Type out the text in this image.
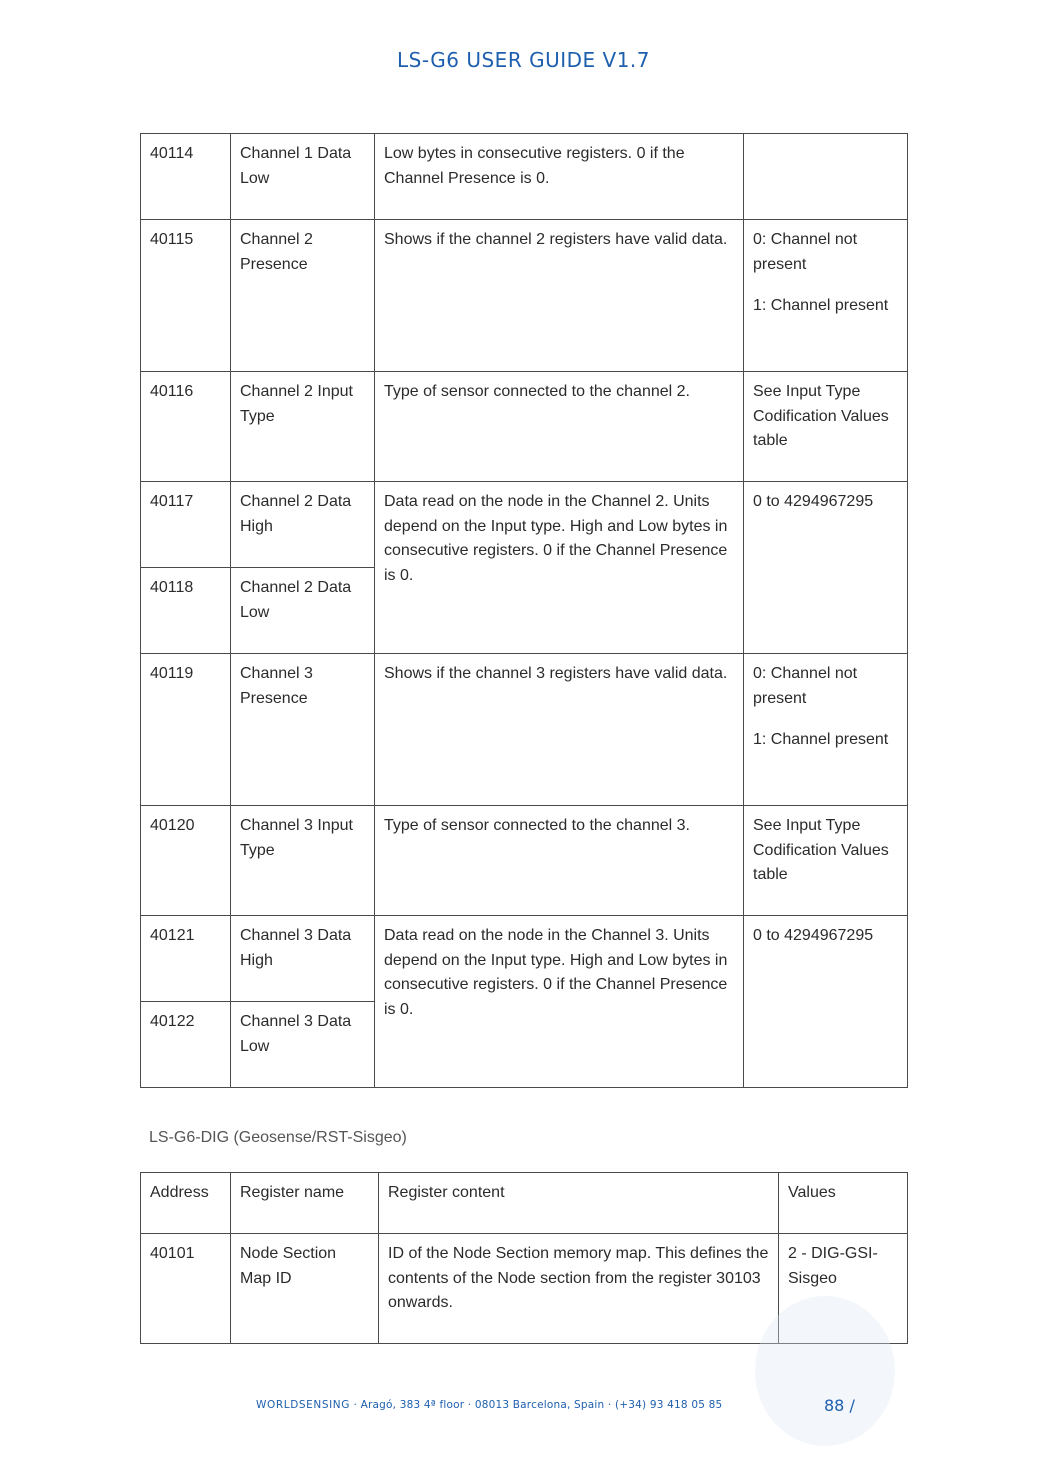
LS-G6 USER GUIDE V1.7
40114	Channel 1 Data Low	Low bytes in consecutive registers. 0 if the Channel Presence is 0.	

40115	Channel 2 Presence	Shows if the channel 2 registers have valid data.	0: Channel not present
1: Channel present

40116	Channel 2 Input Type	Type of sensor connected to the channel 2.	See Input Type Codification Values table

40117	Channel 2 Data High	Data read on the node in the Channel 2. Units depend on the Input type. High and Low bytes in consecutive registers. 0 if the Channel Presence is 0.	0 to 4294967295

40118	Channel 2 Data Low		

40119	Channel 3 Presence	Shows if the channel 3 registers have valid data.	0: Channel not present
1: Channel present

40120	Channel 3 Input Type	Type of sensor connected to the channel 3.	See Input Type Codification Values table

40121	Channel 3 Data High	Data read on the node in the Channel 3. Units depend on the Input type. High and Low bytes in consecutive registers. 0 if the Channel Presence is 0.	0 to 4294967295

40122	Channel 3 Data Low		
LS-G6-DIG (Geosense/RST-Sisgeo)
Address	Register name	Register content	Values

40101	Node Section Map ID	ID of the Node Section memory map. This defines the contents of the Node section from the register 30103 onwards.	2 - DIG-GSI-Sisgeo
WORLDSENSING · Aragó, 383 4ª floor · 08013 Barcelona, Spain · (+34) 93 418 05 85	88 /
